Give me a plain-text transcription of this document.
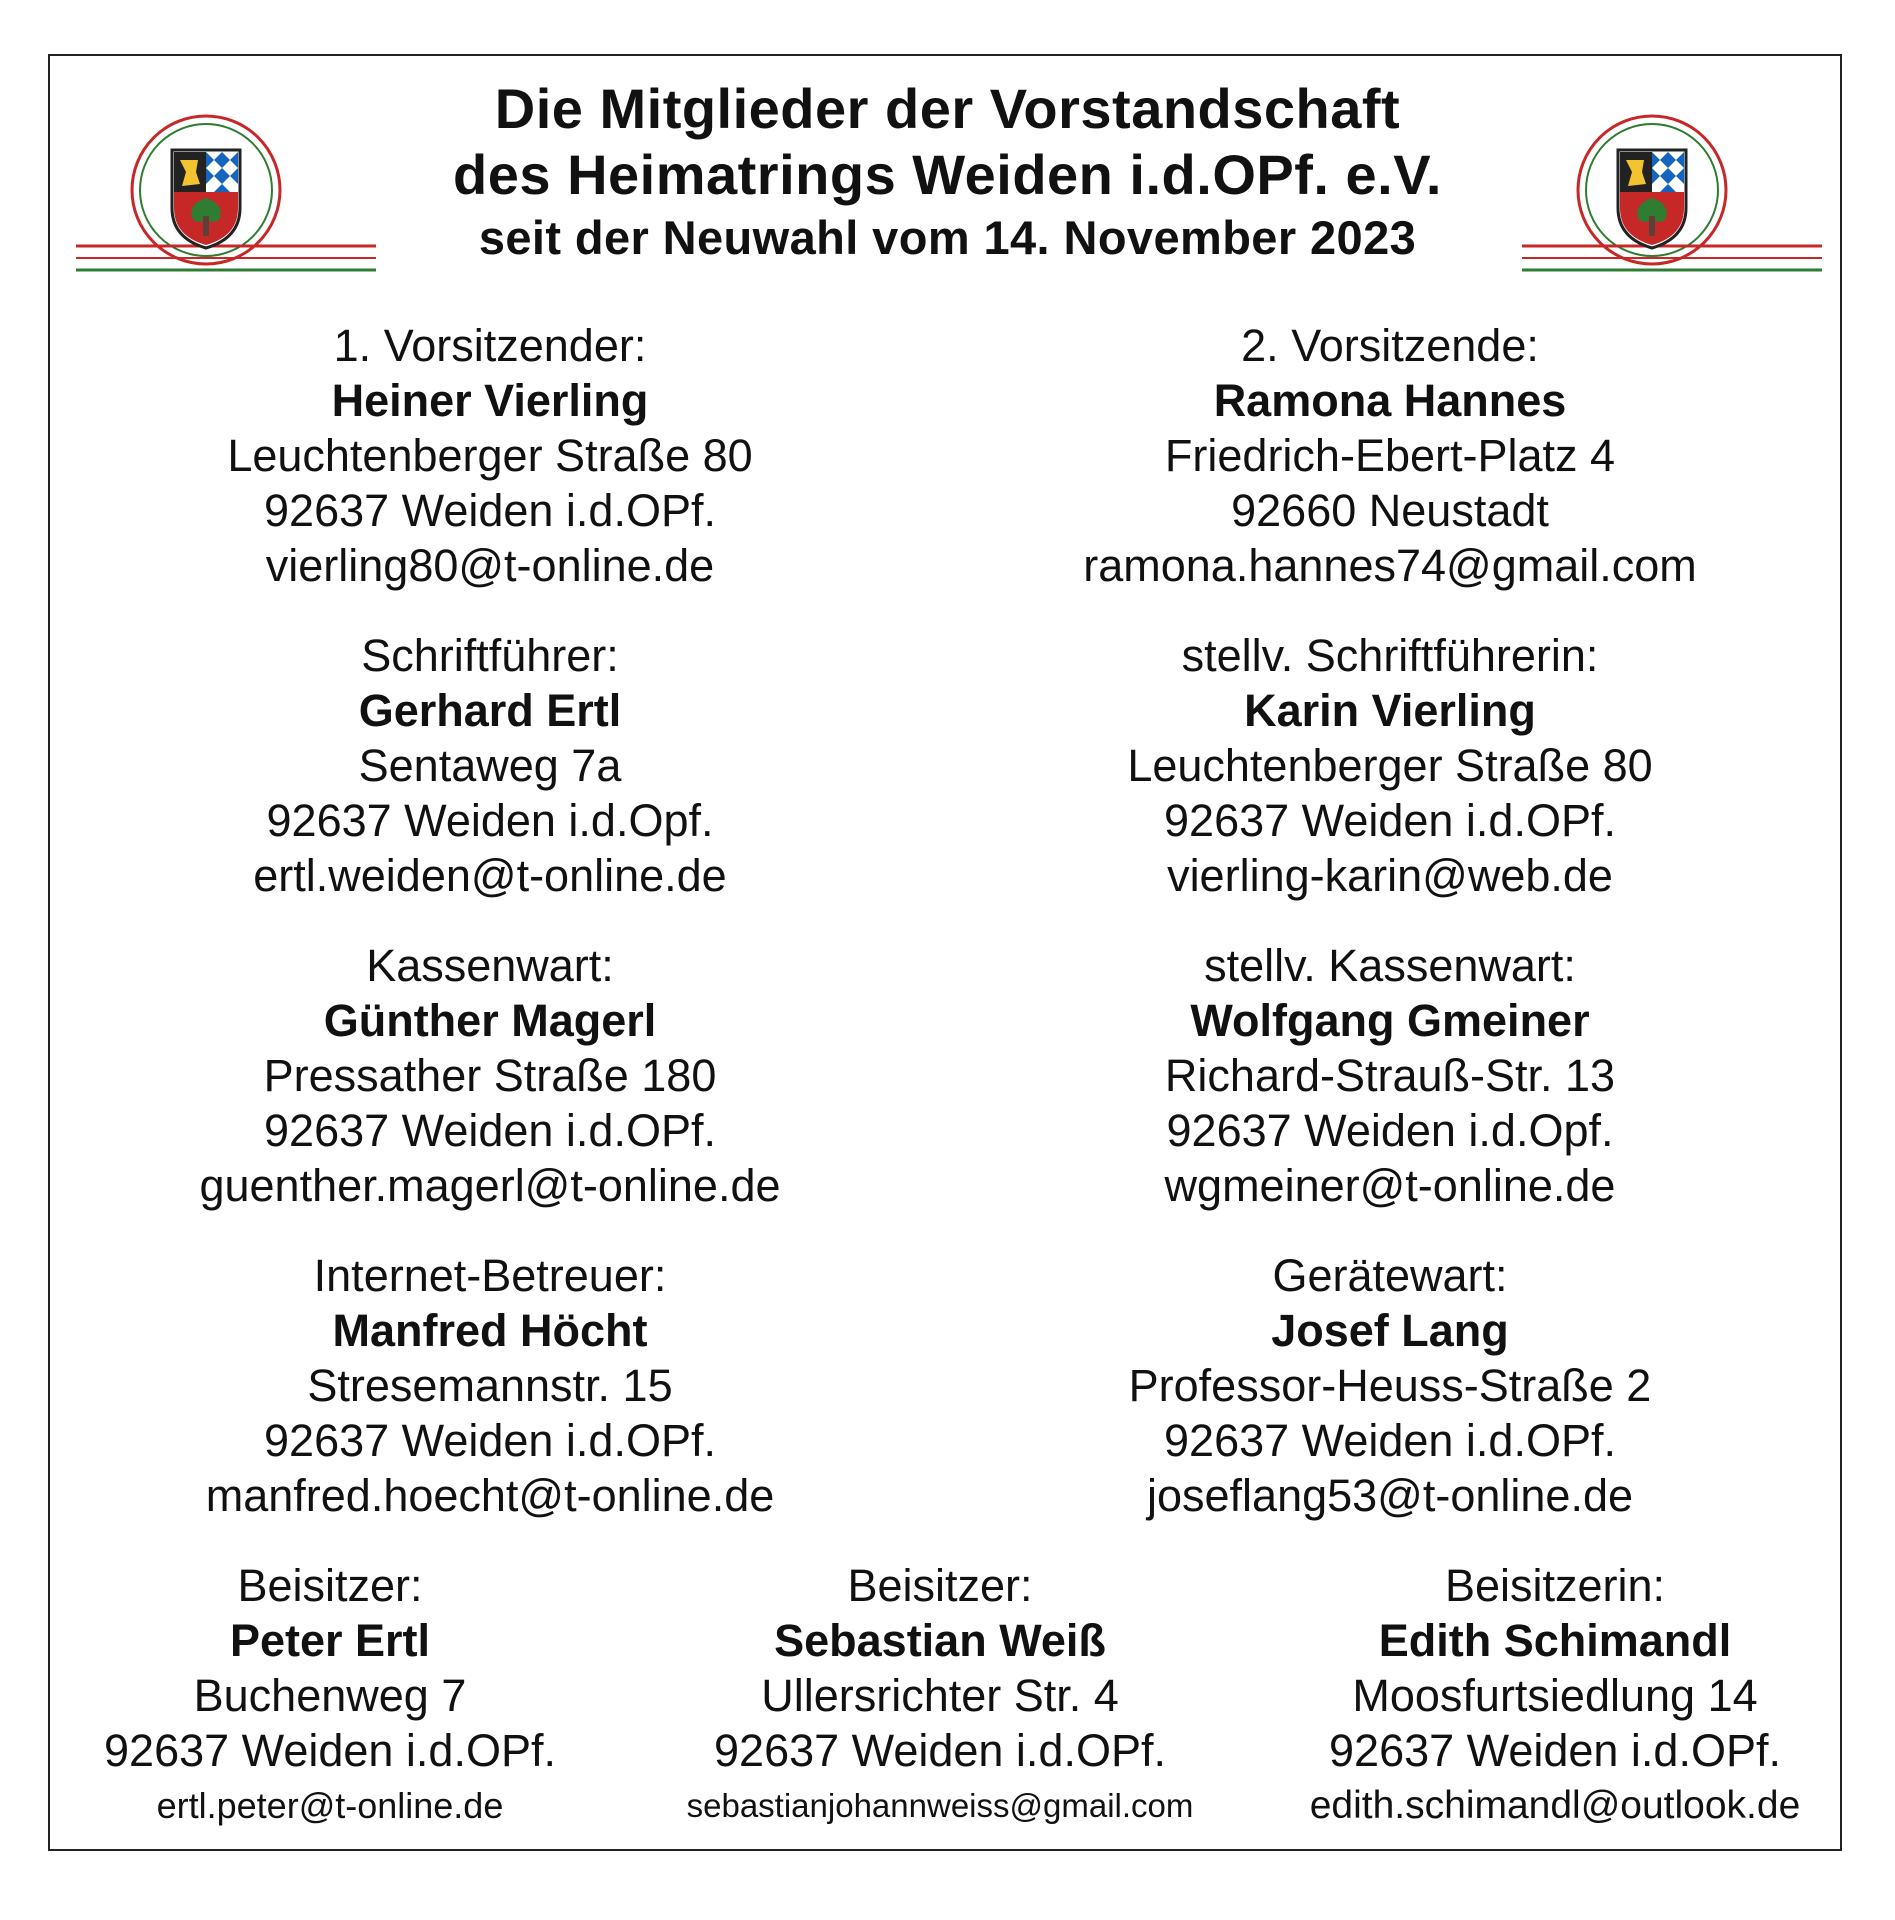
Die Mitglieder der Vorstandschaft
des Heimatrings Weiden i.d.OPf. e.V.
seit der Neuwahl vom 14. November 2023
1. Vorsitzender:
Heiner Vierling
Leuchtenberger Straße 80
92637 Weiden i.d.OPf.
vierling80@t-online.de
2. Vorsitzende:
Ramona Hannes
Friedrich-Ebert-Platz 4
92660 Neustadt
ramona.hannes74@gmail.com
Schriftführer:
Gerhard Ertl
Sentaweg 7a
92637 Weiden i.d.Opf.
ertl.weiden@t-online.de
stellv. Schriftführerin:
Karin Vierling
Leuchtenberger Straße 80
92637 Weiden i.d.OPf.
vierling-karin@web.de
Kassenwart:
Günther Magerl
Pressather Straße 180
92637 Weiden i.d.OPf.
guenther.magerl@t-online.de
stellv. Kassenwart:
Wolfgang Gmeiner
Richard-Strauß-Str. 13
92637 Weiden i.d.Opf.
wgmeiner@t-online.de
Internet-Betreuer:
Manfred Höcht
Stresemannstr. 15
92637 Weiden i.d.OPf.
manfred.hoecht@t-online.de
Gerätewart:
Josef Lang
Professor-Heuss-Straße 2
92637 Weiden i.d.OPf.
joseflang53@t-online.de
Beisitzer:
Peter Ertl
Buchenweg 7
92637 Weiden i.d.OPf.
ertl.peter@t-online.de
Beisitzer:
Sebastian Weiß
Ullersrichter Str. 4
92637 Weiden i.d.OPf.
sebastianjohannweiss@gmail.com
Beisitzerin:
Edith Schimandl
Moosfurtsiedlung 14
92637 Weiden i.d.OPf.
edith.schimandl@outlook.de
